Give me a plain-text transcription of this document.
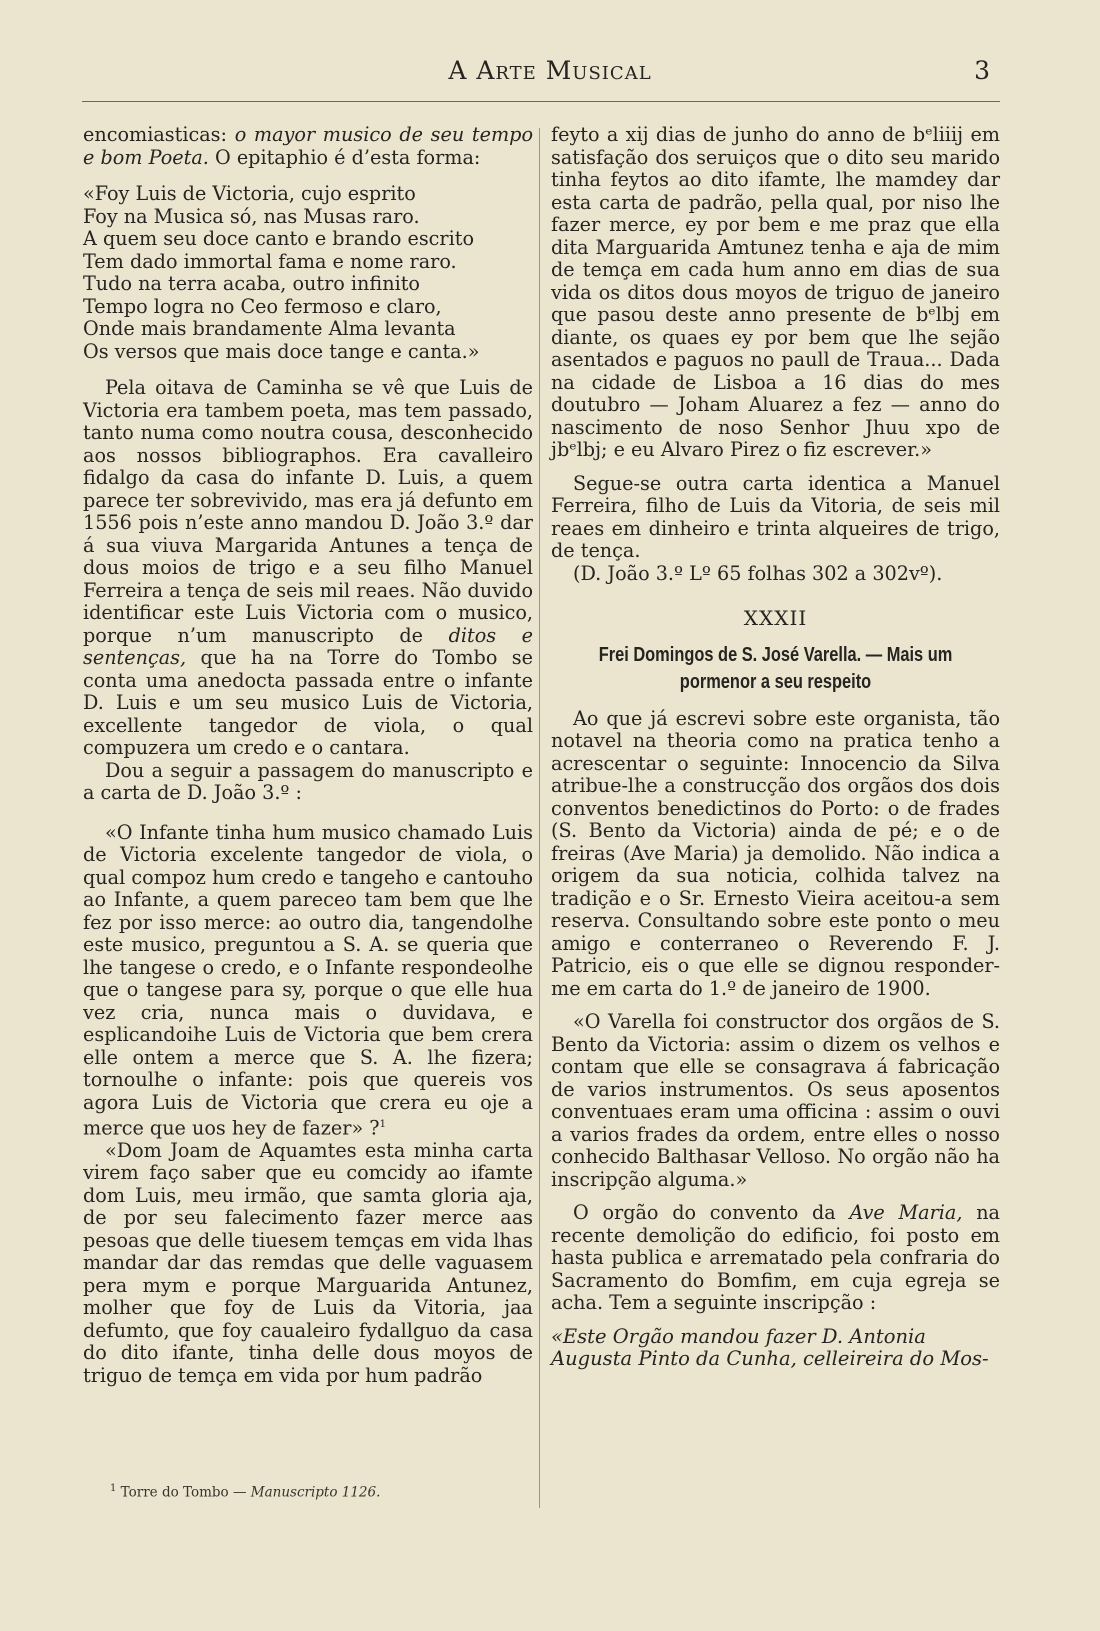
A Arte Musical	3

encomiasticas: o mayor musico de seu tempo e bom Poeta. O epitaphio é d’esta forma:

«Foy Luis de Victoria, cujo esprito
Foy na Musica só, nas Musas raro.
A quem seu doce canto e brando escrito
Tem dado immortal fama e nome raro.
Tudo na terra acaba, outro infinito
Tempo logra no Ceo fermoso e claro,
Onde mais brandamente Alma levanta
Os versos que mais doce tange e canta.»

Pela oitava de Caminha se vê que Luis de Victoria era tambem poeta, mas tem passado, tanto numa como noutra cousa, desconhecido aos nossos bibliographos. Era cavalleiro fidalgo da casa do infante D. Luis, a quem parece ter sobrevivido, mas era já defunto em 1556 pois n’este anno mandou D. João 3.º dar á sua viuva Margarida Antunes a tença de dous moios de trigo e a seu filho Manuel Ferreira a tença de seis mil reaes. Não duvido identificar este Luis Victoria com o musico, porque n’um manuscripto de ditos e sentenças, que ha na Torre do Tombo se conta uma anedocta passada entre o infante D. Luis e um seu musico Luis de Victoria, excellente tangedor de viola, o qual compuzera um credo e o cantara.

Dou a seguir a passagem do manuscripto e a carta de D. João 3.º :

«O Infante tinha hum musico chamado Luis de Victoria excelente tangedor de viola, o qual compoz hum credo e tangeho e cantouho ao Infante, a quem pareceo tam bem que lhe fez por isso merce: ao outro dia, tangendolhe este musico, preguntou a S. A. se queria que lhe tangese o credo, e o Infante respondeolhe que o tangese para sy, porque o que elle hua vez cria, nunca mais o duvidava, e esplicandoihe Luis de Victoria que bem crera elle ontem a merce que S. A. lhe fizera; tornoulhe o infante: pois que quereis vos agora Luis de Victoria que crera eu oje a merce que uos hey de fazer» ?$^1$

«Dom Joam de Aquamtes esta minha carta virem faço saber que eu comcidy ao ifamte dom Luis, meu irmão, que samta gloria aja, de por seu falecimento fazer merce aas pesoas que delle tiuesem temças em vida lhas mandar dar das remdas que delle vaguasem pera mym e porque Marguarida Antunez, molher que foy de Luis da Vitoria, jaa defumto, que foy caualeiro fydallguo da casa do dito ifante, tinha delle dous moyos de triguo de temça em vida por hum padrão

$^1$ Torre do Tombo — Manuscripto 1126.

feyto a xij dias de junho do anno de bᵉliiij em satisfação dos seruiços que o dito seu marido tinha feytos ao dito ifamte, lhe mamdey dar esta carta de padrão, pella qual, por niso lhe fazer merce, ey por bem e me praz que ella dita Marguarida Amtunez tenha e aja de mim de temça em cada hum anno em dias de sua vida os ditos dous moyos de triguo de janeiro que pasou deste anno presente de bᵉlbj em diante, os quaes ey por bem que lhe sejão asentados e paguos no paull de Traua... Dada na cidade de Lisboa a 16 dias do mes doutubro — Joham Aluarez a fez — anno do nascimento de noso Senhor Jhuu xpo de jbᵉlbj; e eu Alvaro Pirez o fiz escrever.»

Segue-se outra carta identica a Manuel Ferreira, filho de Luis da Vitoria, de seis mil reaes em dinheiro e trinta alqueires de trigo, de tença.

(D. João 3.º Lº 65 folhas 302 a 302vº).

XXXII
Frei Domingos de S. José Varella. — Mais um pormenor a seu respeito

Ao que já escrevi sobre este organista, tão notavel na theoria como na pratica tenho a acrescentar o seguinte: Innocencio da Silva atribue-lhe a construcção dos orgãos dos dois conventos benedictinos do Porto: o de frades (S. Bento da Victoria) ainda de pé; e o de freiras (Ave Maria) ja demolido. Não indica a origem da sua noticia, colhida talvez na tradição e o Sr. Ernesto Vieira aceitou-a sem reserva. Consultando sobre este ponto o meu amigo e conterraneo o Reverendo F. J. Patricio, eis o que elle se dignou responder-me em carta do 1.º de janeiro de 1900.

«O Varella foi constructor dos orgãos de S. Bento da Victoria: assim o dizem os velhos e contam que elle se consagrava á fabricação de varios instrumentos. Os seus aposentos conventuaes eram uma officina : assim o ouvi a varios frades da ordem, entre elles o nosso conhecido Balthasar Velloso. No orgão não ha inscripção alguma.»

O orgão do convento da Ave Maria, na recente demolição do edificio, foi posto em hasta publica e arrematado pela confraria do Sacramento do Bomfim, em cuja egreja se acha. Tem a seguinte inscripção :

«Este Orgão mandou fazer D. Antonia
Augusta Pinto da Cunha, celleireira do Mos-
